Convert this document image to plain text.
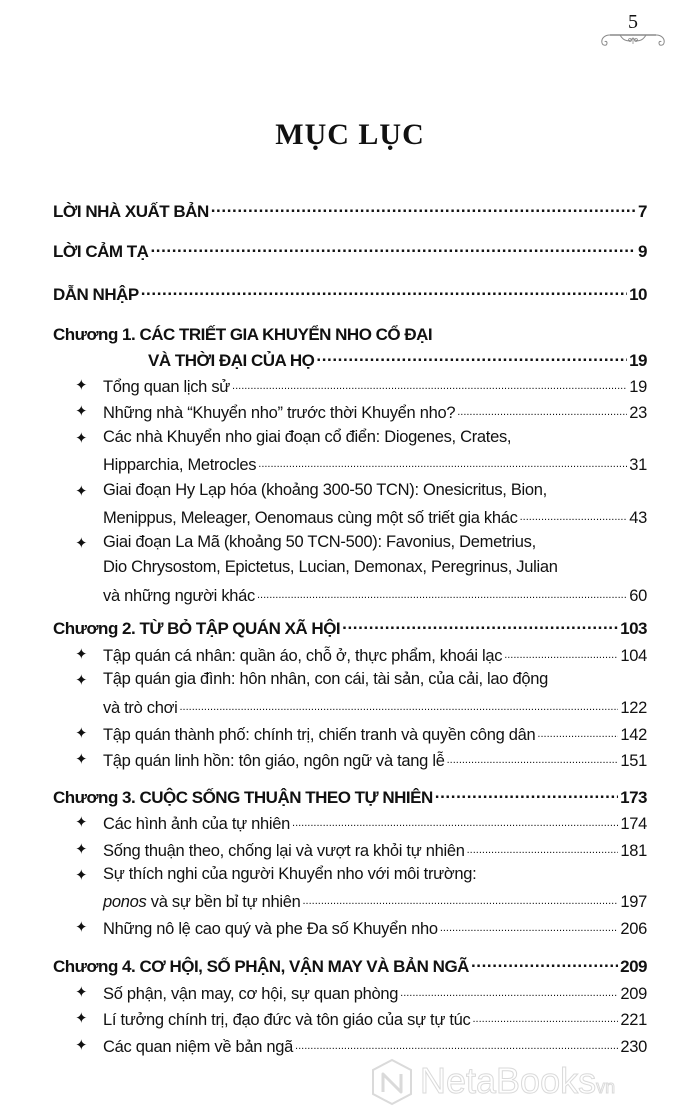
5
MỤC LỤC
LỜI NHÀ XUẤT BẢN .....	7
LỜI CẢM TẠ .....	9
DẪN NHẬP .....	10
Chương 1. CÁC TRIẾT GIA KHUYỂN NHO CỔ ĐẠI
VÀ THỜI ĐẠI CỦA HỌ .....	19
✦ Tổng quan lịch sử .....	19
✦ Những nhà “Khuyển nho” trước thời Khuyển nho? .....	23
✦ Các nhà Khuyển nho giai đoạn cổ điển: Diogenes, Crates,
Hipparchia, Metrocles .....	31
✦ Giai đoạn Hy Lạp hóa (khoảng 300-50 TCN): Onesicritus, Bion,
Menippus, Meleager, Oenomaus cùng một số triết gia khác .....	43
✦ Giai đoạn La Mã (khoảng 50 TCN-500): Favonius, Demetrius,
Dio Chrysostom, Epictetus, Lucian, Demonax, Peregrinus, Julian
và những người khác .....	60
Chương 2. TỪ BỎ TẬP QUÁN XÃ HỘI .....	103
✦ Tập quán cá nhân: quần áo, chỗ ở, thực phẩm, khoái lạc .....	104
✦ Tập quán gia đình: hôn nhân, con cái, tài sản, của cải, lao động
và trò chơi .....	122
✦ Tập quán thành phố: chính trị, chiến tranh và quyền công dân .....	142
✦ Tập quán linh hồn: tôn giáo, ngôn ngữ và tang lễ .....	151
Chương 3. CUỘC SỐNG THUẬN THEO TỰ NHIÊN .....	173
✦ Các hình ảnh của tự nhiên .....	174
✦ Sống thuận theo, chống lại và vượt ra khỏi tự nhiên .....	181
✦ Sự thích nghi của người Khuyển nho với môi trường:
ponos và sự bền bỉ tự nhiên .....	197
✦ Những nô lệ cao quý và phe Đa số Khuyển nho .....	206
Chương 4. CƠ HỘI, SỐ PHẬN, VẬN MAY VÀ BẢN NGÃ .....	209
✦ Số phận, vận may, cơ hội, sự quan phòng .....	209
✦ Lí tưởng chính trị, đạo đức và tôn giáo của sự tự túc .....	221
✦ Các quan niệm về bản ngã .....	230
NetaBooksvn
